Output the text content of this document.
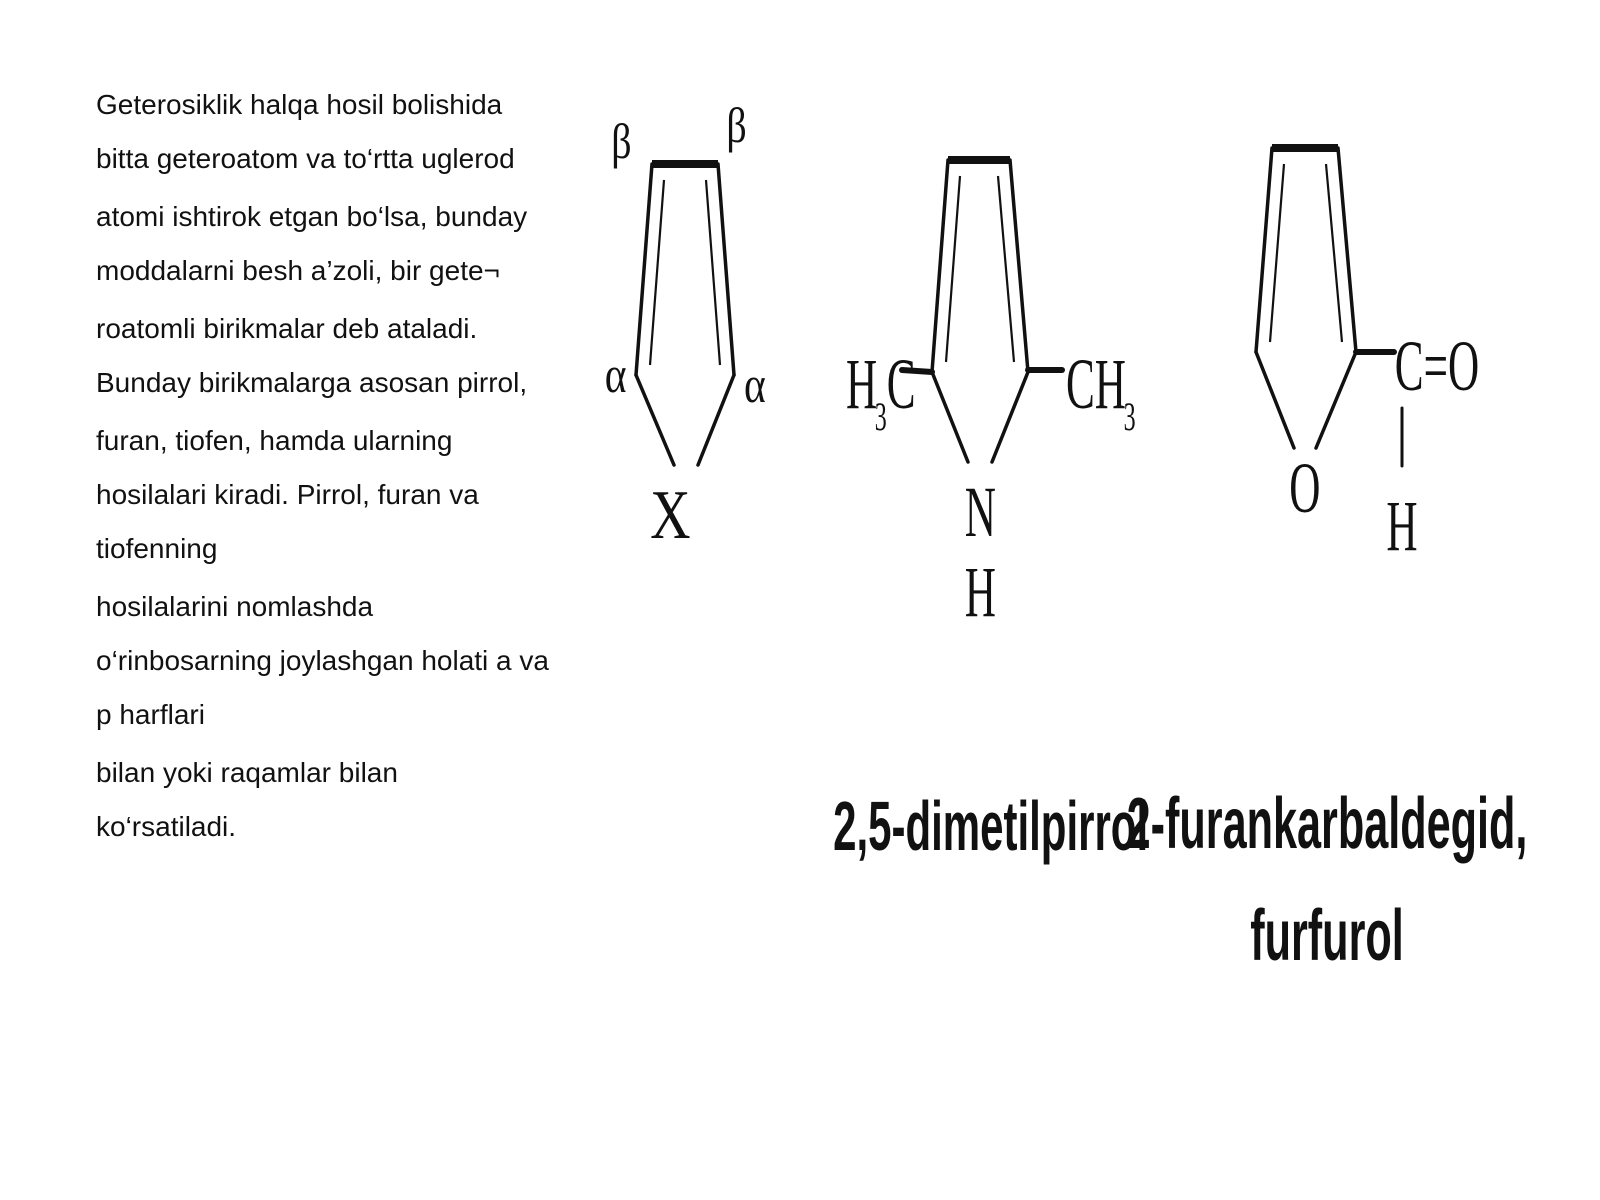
Geterosiklik halqa hosil bolishida
bitta geteroatom va to‘rtta uglerod
atomi ishtirok etgan bo‘lsa, bunday
moddalarni besh a’zoli, bir gete¬
roatomli birikmalar deb ataladi.
Bunday birikmalarga asosan pirrol,
furan, tiofen, hamda ularning
hosilalari kiradi. Pirrol, furan va
tiofenning
hosilalarini nomlashda
o‘rinbosarning joylashgan holati a va
p harflari
bilan yoki raqamlar bilan
ko‘rsatiladi.
β β
α α
X
H
3 C CH
3
N
H
2,5-dimetilpirrol
C=O
H
O
2-furankarbaldegid,
furfurol
